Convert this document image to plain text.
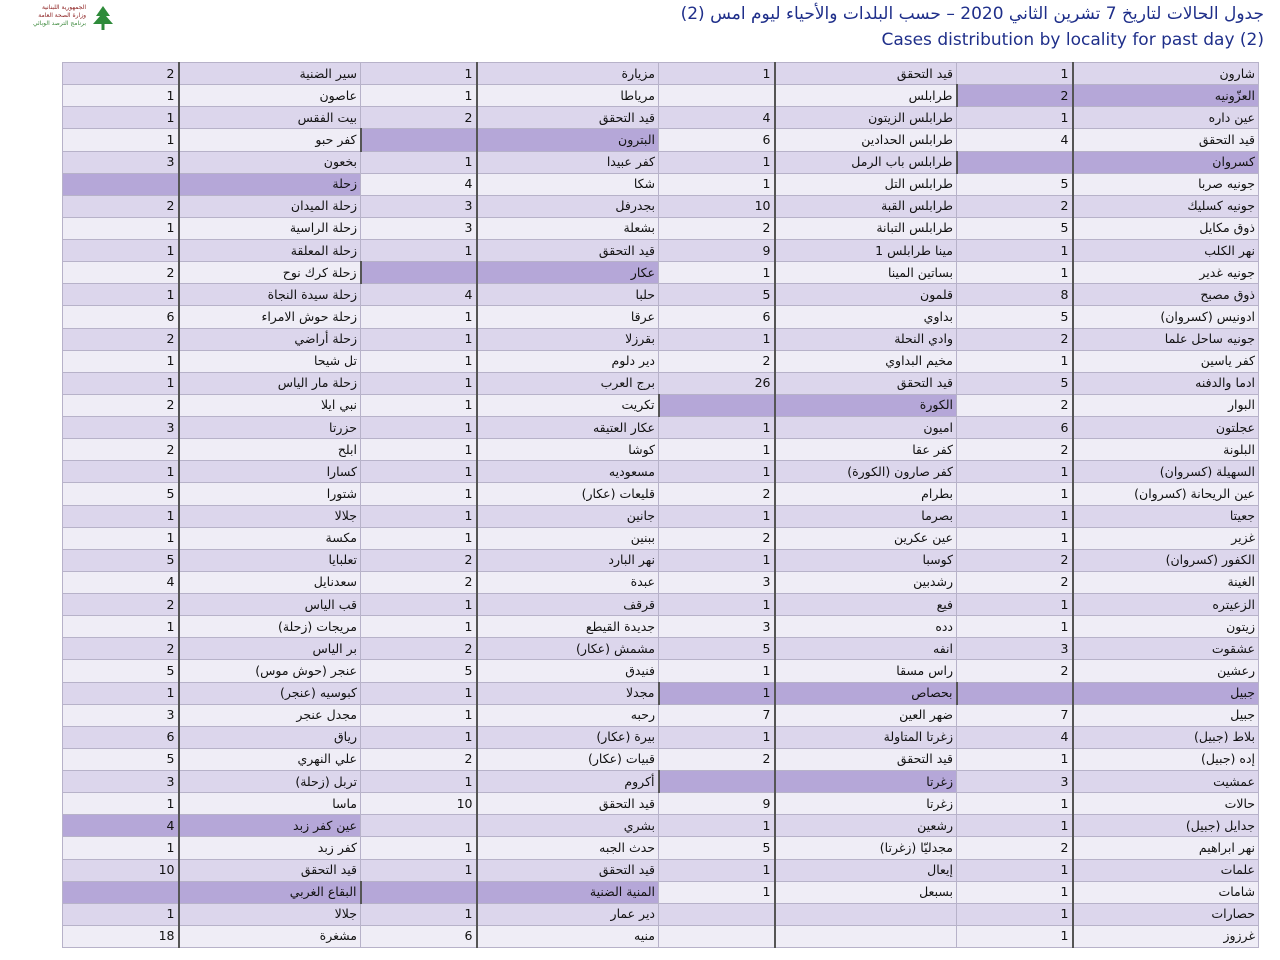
الجمهورية اللبنانية
وزارة الصحة العامة
برنامج الترصد الوبائي	جدول الحالات لتاريخ 7 تشرين الثاني 2020 – حسب البلدات والأحياء ليوم امس (2)
Cases distribution by locality for past day (2)
2	سير الضنية	1	مزيارة	1	قيد التحقق	1	شارون
1	عاصون	1	مرياطا		طرابلس	2	العزّونيه
1	بيت الفقس	2	قيد التحقق	4	طرابلس الزيتون	1	عين داره
1	كفر حبو		البترون	6	طرابلس الحدادين	4	قيد التحقق
3	بخعون	1	كفر عبيدا	1	طرابلس باب الرمل		كسروان
	زحلة	4	شكا	1	طرابلس التل	5	جونيه صربا
2	زحلة الميدان	3	بجدرفل	10	طرابلس القبة	2	جونيه كسليك
1	زحلة الراسية	3	بشعلة	2	طرابلس التبانة	5	ذوق مكايل
1	زحلة المعلقة	1	قيد التحقق	9	مينا طرابلس 1	1	نهر الكلب
2	زحلة كرك نوح		عكار	1	بساتين المينا	1	جونيه غدير
1	زحلة سيدة النجاة	4	حلبا	5	قلمون	8	ذوق مصبح
6	زحلة حوش الامراء	1	عرقا	6	بداوي	5	ادونيس (كسروان)
2	زحلة أراضي	1	بقرزلا	1	وادي النحلة	2	جونيه ساحل علما
1	تل شيحا	1	دير دلوم	2	مخيم البداوي	1	كفر ياسين
1	زحلة مار الياس	1	برج العرب	26	قيد التحقق	5	ادما والدفنه
2	نبي ايلا	1	تكريت		الكورة	2	البوار
3	حزرتا	1	عكار العتيقه	1	اميون	6	عجلتون
2	ابلح	1	كوشا	1	كفر عقا	2	البلونة
1	كسارا	1	مسعوديه	1	كفر صارون (الكورة)	1	السهيلة (كسروان)
5	شتورا	1	قليعات (عكار)	2	بطرام	1	عين الريحانة (كسروان)
1	جلالا	1	جانين	1	بصرما	1	جعيتا
1	مكسة	1	ببنين	2	عين عكرين	1	غزير
5	تعلبايا	2	نهر البارد	1	كوسبا	2	الكفور (كسروان)
4	سعدنايل	2	عبدة	3	رشدبين	2	الغينة
2	قب الياس	1	قرقف	1	فيع	1	الزعيتره
1	مريجات (زحلة)	1	جديدة القيطع	3	دده	1	زيتون
2	بر الياس	2	مشمش (عكار)	5	انفه	3	عشقوت
5	عنجر (حوش موس)	5	فنيدق	1	راس مسقا	2	رعشين
1	كبوسيه (عنجر)	1	مجدلا	1	بحصاص		جبيل
3	مجدل عنجر	1	رحبه	7	ضهر العين	7	جبيل
6	رياق	1	بيرة (عكار)	1	زغرتا المتاولة	4	بلاط (جبيل)
5	علي النهري	2	قبيات (عكار)	2	قيد التحقق	1	إده (جبيل)
3	تربل (زحلة)	1	أكروم		زغرتا	3	عمشيت
1	ماسا	10	قيد التحقق	9	زغرتا	1	حالات
4	عين كفر زبد		بشري	1	رشعين	1	جدايل (جبيل)
1	كفر زبد	1	حدث الجبه	5	مجدليّا (زغرتا)	2	نهر ابراهيم
10	قيد التحقق	1	قيد التحقق	1	إيعال	1	علمات
	البقاع الغربي		المنية الضنية	1	بسبعل	1	شامات
1	جلالا	1	دير عمار			1	حصارات
18	مشغرة	6	منيه			1	غرزوز
